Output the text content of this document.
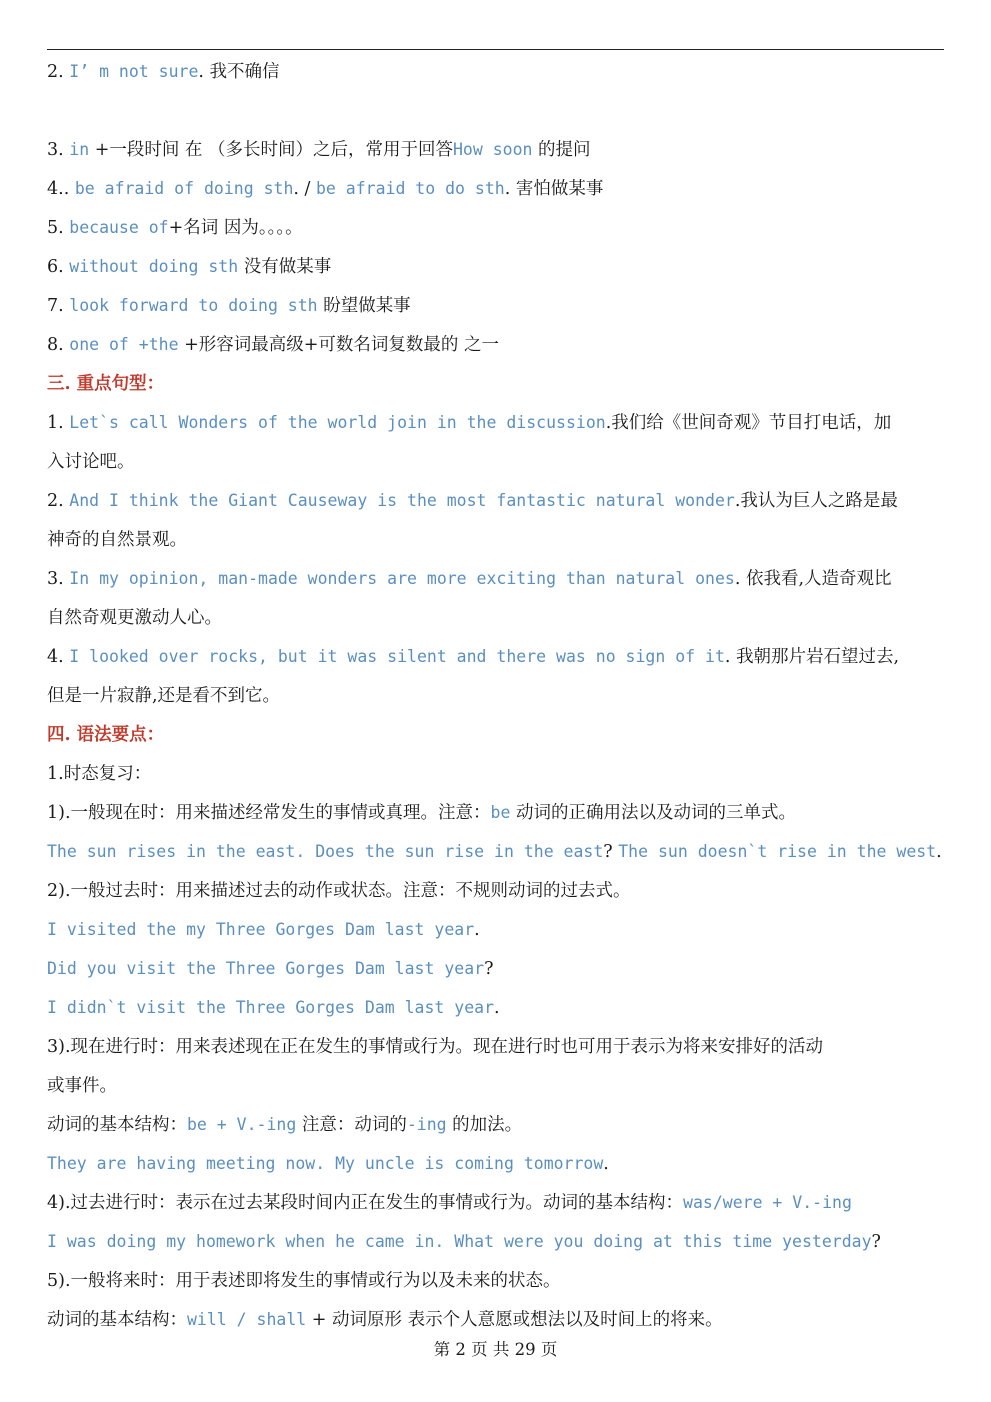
2. I’ m not sure. 我不确信
3. in +一段时间 在 （多长时间）之后，常用于回答How soon 的提问
4.. be afraid of doing sth. / be afraid to do sth. 害怕做某事
5. because of+名词 因为。。。。
6. without doing sth 没有做某事
7. look forward to doing sth 盼望做某事
8. one of +the +形容词最高级+可数名词复数最的 之一
三. 重点句型：
1. Let`s call Wonders of the world join in the discussion.我们给《世间奇观》节目打电话，加
入讨论吧。
2. And I think the Giant Causeway is the most fantastic natural wonder.我认为巨人之路是最
神奇的自然景观。
3. In my opinion, man-made wonders are more exciting than natural ones. 依我看,人造奇观比
自然奇观更激动人心。
4. I looked over rocks, but it was silent and there was no sign of it. 我朝那片岩石望过去,
但是一片寂静,还是看不到它。
四. 语法要点：
1.时态复习：
1).一般现在时：用来描述经常发生的事情或真理。注意：be 动词的正确用法以及动词的三单式。
The sun rises in the east. Does the sun rise in the east? The sun doesn`t rise in the west.
2).一般过去时：用来描述过去的动作或状态。注意：不规则动词的过去式。
I visited the my Three Gorges Dam last year.
Did you visit the Three Gorges Dam last year?
I didn`t visit the Three Gorges Dam last year.
3).现在进行时：用来表述现在正在发生的事情或行为。现在进行时也可用于表示为将来安排好的活动
或事件。
动词的基本结构：be + V.-ing 注意：动词的-ing 的加法。
They are having meeting now. My uncle is coming tomorrow.
4).过去进行时：表示在过去某段时间内正在发生的事情或行为。动词的基本结构：was/were + V.-ing
I was doing my homework when he came in. What were you doing at this time yesterday?
5).一般将来时：用于表述即将发生的事情或行为以及未来的状态。
动词的基本结构：will / shall + 动词原形 表示个人意愿或想法以及时间上的将来。
第 2 页 共 29 页
